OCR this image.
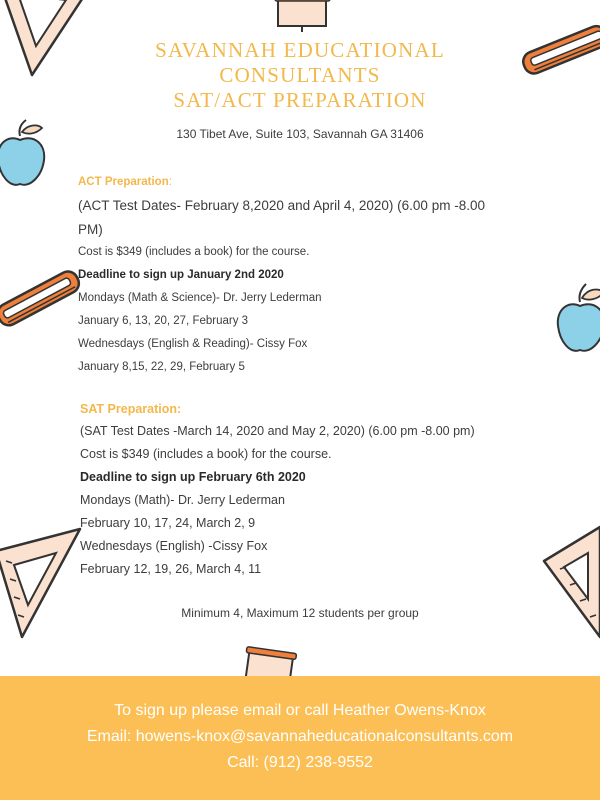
SAVANNAH EDUCATIONAL
CONSULTANTS
SAT/ACT PREPARATION
130 Tibet Ave, Suite 103, Savannah GA 31406
ACT Preparation:
(ACT Test Dates- February 8,2020 and April 4, 2020) (6.00 pm -8.00
PM)
Cost is $349 (includes a book) for the course.
Deadline to sign up January 2nd 2020
Mondays (Math & Science)- Dr. Jerry Lederman
January 6, 13, 20, 27, February 3
Wednesdays (English & Reading)- Cissy Fox
January 8,15, 22, 29, February 5
SAT Preparation:
(SAT Test Dates -March 14, 2020 and May 2, 2020) (6.00 pm -8.00 pm)
Cost is $349 (includes a book) for the course.
Deadline to sign up February 6th 2020
Mondays (Math)- Dr. Jerry Lederman
February 10, 17, 24, March 2, 9
Wednesdays (English) -Cissy Fox
February 12, 19, 26, March 4, 11
Minimum 4, Maximum 12 students per group
To sign up please email or call Heather Owens-Knox
Email: howens-knox@savannaheducationalconsultants.com
Call: (912) 238-9552
